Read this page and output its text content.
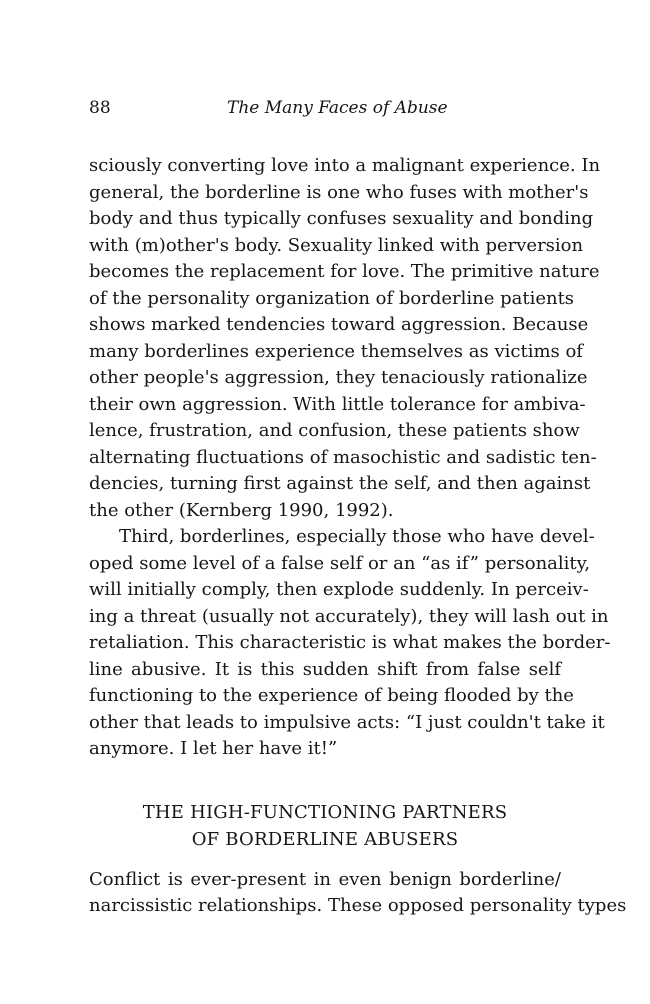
88	The Many Faces of Abuse
sciously converting love into a malignant experience. In
general, the borderline is one who fuses with mother's
body and thus typically confuses sexuality and bonding
with (m)other's body. Sexuality linked with perversion
becomes the replacement for love. The primitive nature
of the personality organization of borderline patients
shows marked tendencies toward aggression. Because
many borderlines experience themselves as victims of
other people's aggression, they tenaciously rationalize
their own aggression. With little tolerance for ambiva-
lence, frustration, and confusion, these patients show
alternating fluctuations of masochistic and sadistic ten-
dencies, turning first against the self, and then against
the other (Kernberg 1990, 1992).
Third, borderlines, especially those who have devel-
oped some level of a false self or an “as if” personality,
will initially comply, then explode suddenly. In perceiv-
ing a threat (usually not accurately), they will lash out in
retaliation. This characteristic is what makes the border-
line abusive. It is this sudden shift from false self
functioning to the experience of being flooded by the
other that leads to impulsive acts: “I just couldn't take it
anymore. I let her have it!”
THE HIGH-FUNCTIONING PARTNERS
OF BORDERLINE ABUSERS
Conflict is ever-present in even benign borderline/
narcissistic relationships. These opposed personality types
